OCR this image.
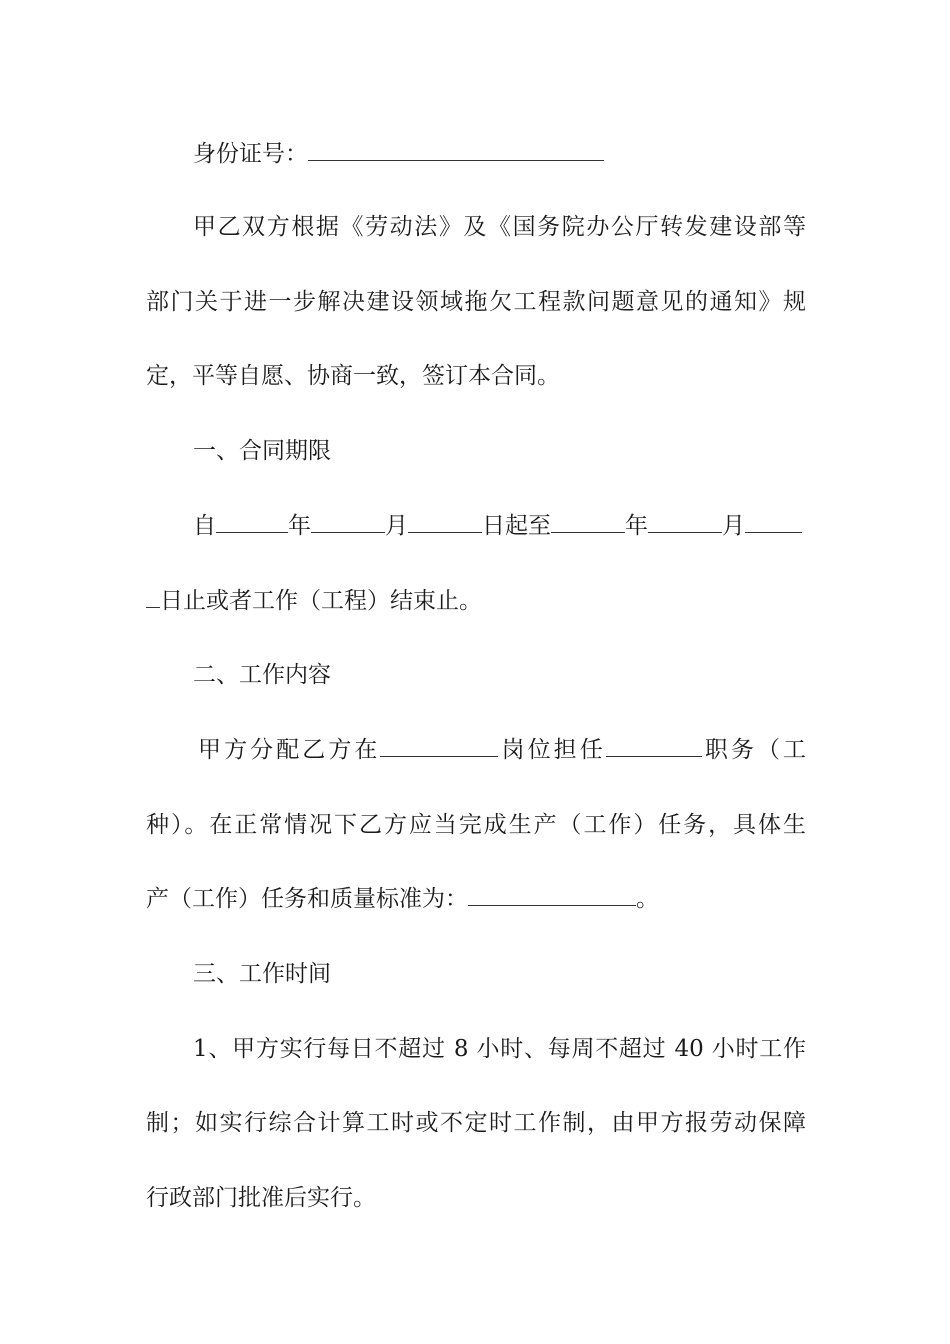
身份证号：
甲乙双方根据《劳动法》及《国务院办公厅转发建设部等
部门关于进一步解决建设领域拖欠工程款问题意见的通知》规
定，平等自愿、协商一致，签订本合同。
一、合同期限
自	年	月	日起至	年	月
日止或者工作（工程）结束止。
二、工作内容
甲方分配乙方在	岗位担任	职务（工
种）。在正常情况下乙方应当完成生产（工作）任务，具体生
产（工作）任务和质量标准为：	。
三、工作时间
1、甲方实行每日不超过 8 小时、每周不超过 40 小时工作
制；如实行综合计算工时或不定时工作制，由甲方报劳动保障
行政部门批准后实行。
